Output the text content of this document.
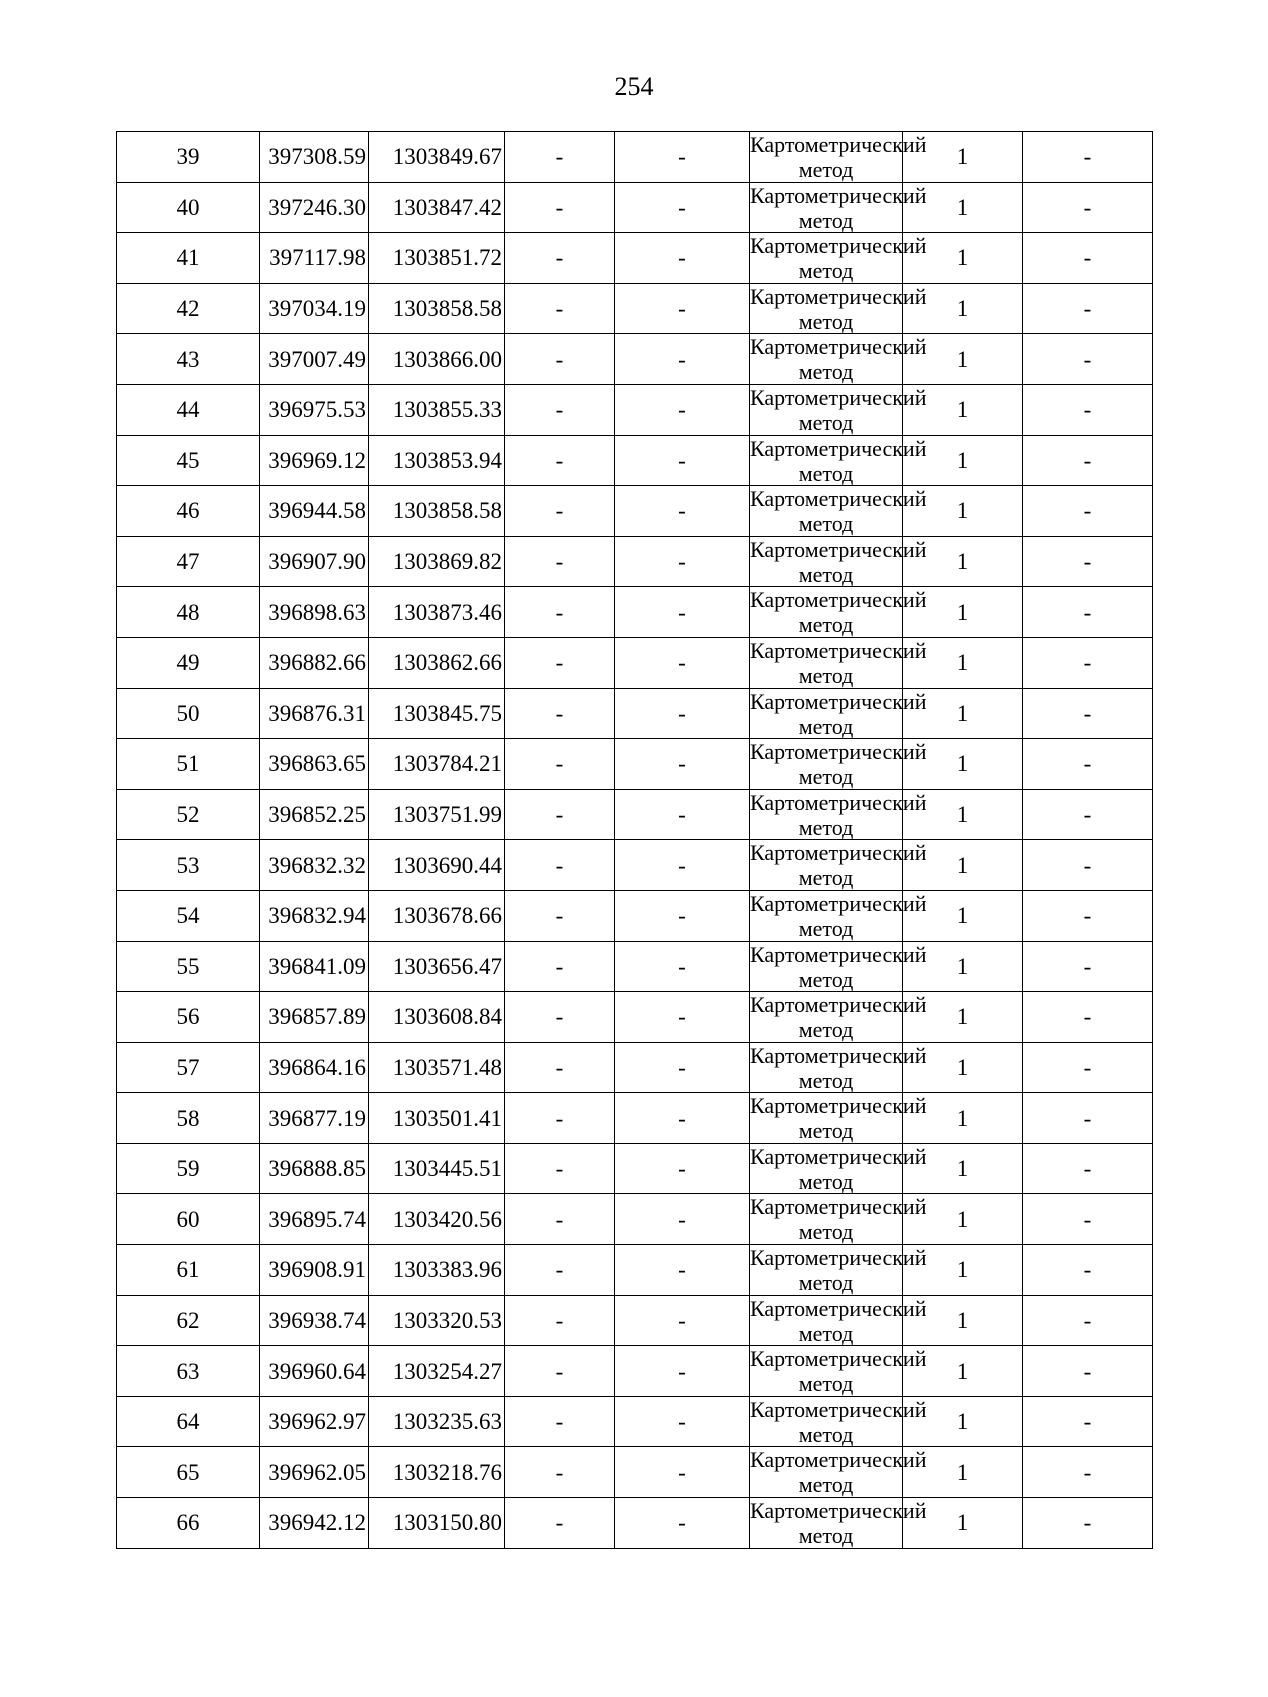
254
39	397308.59	1303849.67	-	-	Картометрический метод	1	-
40	397246.30	1303847.42	-	-	Картометрический метод	1	-
41	397117.98	1303851.72	-	-	Картометрический метод	1	-
42	397034.19	1303858.58	-	-	Картометрический метод	1	-
43	397007.49	1303866.00	-	-	Картометрический метод	1	-
44	396975.53	1303855.33	-	-	Картометрический метод	1	-
45	396969.12	1303853.94	-	-	Картометрический метод	1	-
46	396944.58	1303858.58	-	-	Картометрический метод	1	-
47	396907.90	1303869.82	-	-	Картометрический метод	1	-
48	396898.63	1303873.46	-	-	Картометрический метод	1	-
49	396882.66	1303862.66	-	-	Картометрический метод	1	-
50	396876.31	1303845.75	-	-	Картометрический метод	1	-
51	396863.65	1303784.21	-	-	Картометрический метод	1	-
52	396852.25	1303751.99	-	-	Картометрический метод	1	-
53	396832.32	1303690.44	-	-	Картометрический метод	1	-
54	396832.94	1303678.66	-	-	Картометрический метод	1	-
55	396841.09	1303656.47	-	-	Картометрический метод	1	-
56	396857.89	1303608.84	-	-	Картометрический метод	1	-
57	396864.16	1303571.48	-	-	Картометрический метод	1	-
58	396877.19	1303501.41	-	-	Картометрический метод	1	-
59	396888.85	1303445.51	-	-	Картометрический метод	1	-
60	396895.74	1303420.56	-	-	Картометрический метод	1	-
61	396908.91	1303383.96	-	-	Картометрический метод	1	-
62	396938.74	1303320.53	-	-	Картометрический метод	1	-
63	396960.64	1303254.27	-	-	Картометрический метод	1	-
64	396962.97	1303235.63	-	-	Картометрический метод	1	-
65	396962.05	1303218.76	-	-	Картометрический метод	1	-
66	396942.12	1303150.80	-	-	Картометрический метод	1	-
